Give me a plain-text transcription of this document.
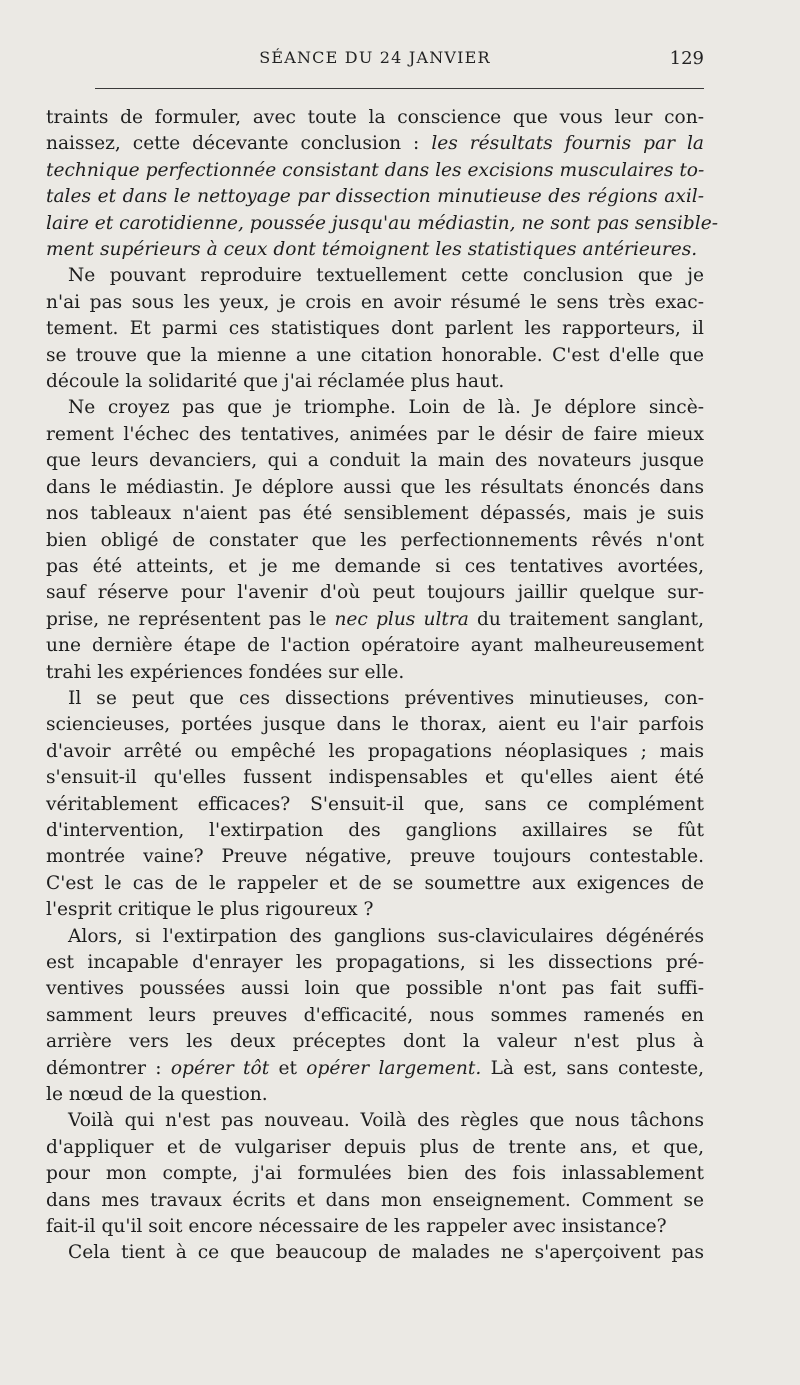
SÉANCE DU 24 JANVIER	129

traints de formuler, avec toute la conscience que vous leur con-
naissez, cette décevante conclusion : les résultats fournis par la
technique perfectionnée consistant dans les excisions musculaires to-
tales et dans le nettoyage par dissection minutieuse des régions axil-
laire et carotidienne, poussée jusqu'au médiastin, ne sont pas sensible-
ment supérieurs à ceux dont témoignent les statistiques antérieures.

Ne pouvant reproduire textuellement cette conclusion que je
n'ai pas sous les yeux, je crois en avoir résumé le sens très exac-
tement. Et parmi ces statistiques dont parlent les rapporteurs, il
se trouve que la mienne a une citation honorable. C'est d'elle que
découle la solidarité que j'ai réclamée plus haut.

Ne croyez pas que je triomphe. Loin de là. Je déplore sincè-
rement l'échec des tentatives, animées par le désir de faire mieux
que leurs devanciers, qui a conduit la main des novateurs jusque
dans le médiastin. Je déplore aussi que les résultats énoncés dans
nos tableaux n'aient pas été sensiblement dépassés, mais je suis
bien obligé de constater que les perfectionnements rêvés n'ont
pas été atteints, et je me demande si ces tentatives avortées,
sauf réserve pour l'avenir d'où peut toujours jaillir quelque sur-
prise, ne représentent pas le nec plus ultra du traitement sanglant,
une dernière étape de l'action opératoire ayant malheureusement
trahi les expériences fondées sur elle.

Il se peut que ces dissections préventives minutieuses, con-
sciencieuses, portées jusque dans le thorax, aient eu l'air parfois
d'avoir arrêté ou empêché les propagations néoplasiques ; mais
s'ensuit-il qu'elles fussent indispensables et qu'elles aient été
véritablement efficaces? S'ensuit-il que, sans ce complément
d'intervention, l'extirpation des ganglions axillaires se fût
montrée vaine? Preuve négative, preuve toujours contestable.
C'est le cas de le rappeler et de se soumettre aux exigences de
l'esprit critique le plus rigoureux ?

Alors, si l'extirpation des ganglions sus-claviculaires dégénérés
est incapable d'enrayer les propagations, si les dissections pré-
ventives poussées aussi loin que possible n'ont pas fait suffi-
samment leurs preuves d'efficacité, nous sommes ramenés en
arrière vers les deux préceptes dont la valeur n'est plus à
démontrer : opérer tôt et opérer largement. Là est, sans conteste,
le nœud de la question.

Voilà qui n'est pas nouveau. Voilà des règles que nous tâchons
d'appliquer et de vulgariser depuis plus de trente ans, et que,
pour mon compte, j'ai formulées bien des fois inlassablement
dans mes travaux écrits et dans mon enseignement. Comment se
fait-il qu'il soit encore nécessaire de les rappeler avec insistance?

Cela tient à ce que beaucoup de malades ne s'aperçoivent pas
